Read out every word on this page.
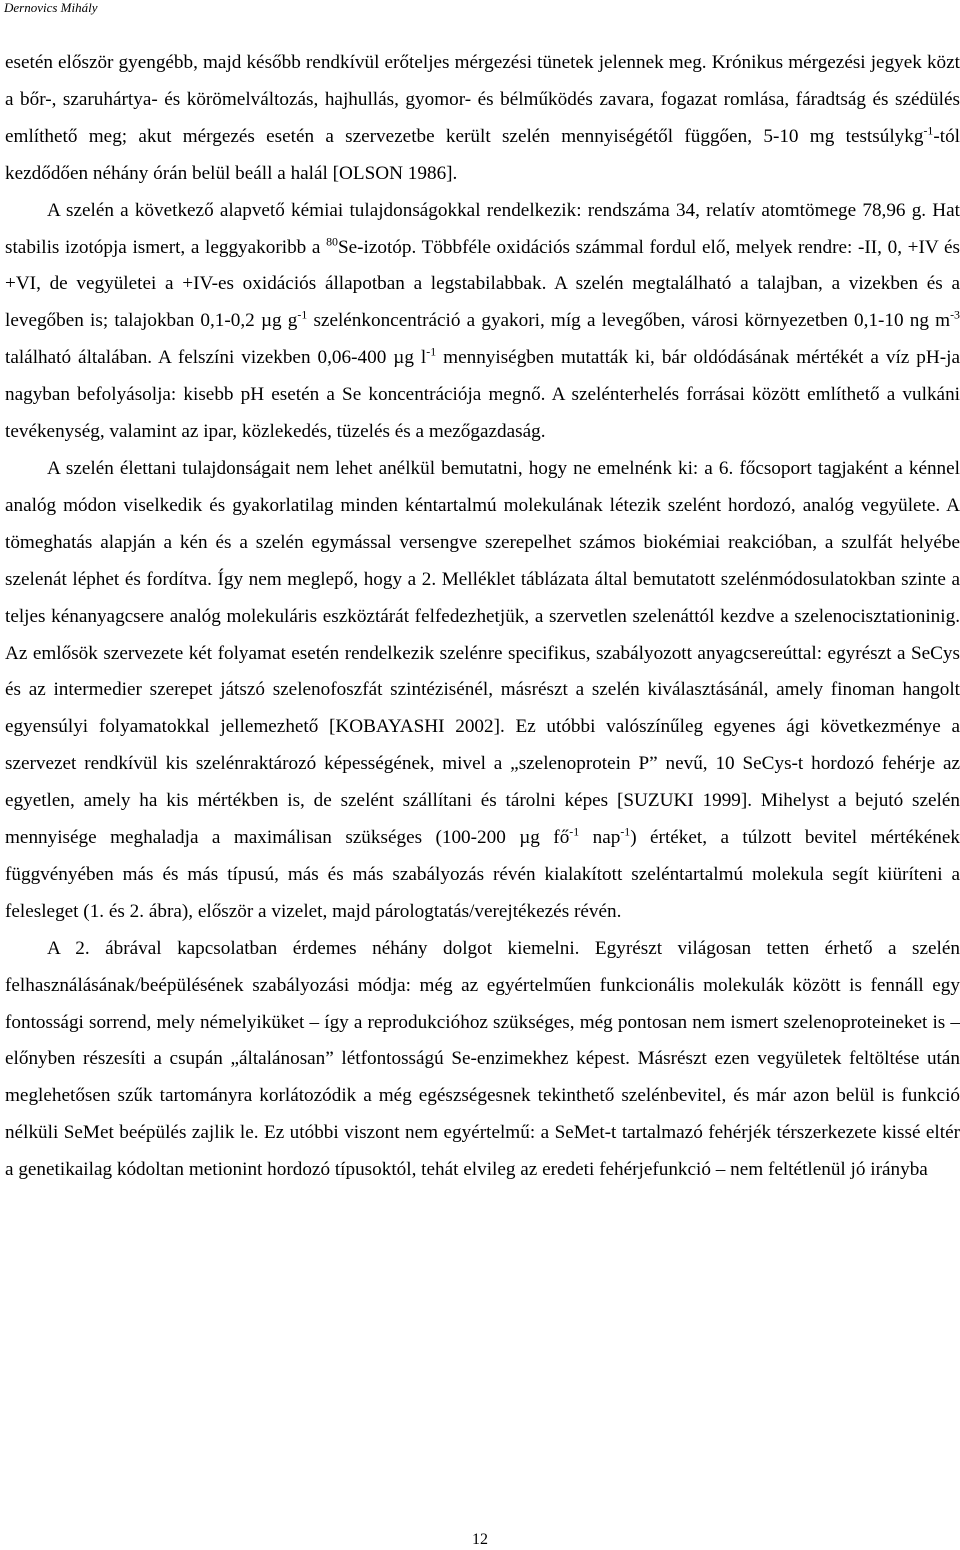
Dernovics Mihály

esetén először gyengébb, majd később rendkívül erőteljes mérgezési tünetek jelennek meg. Krónikus mérgezési jegyek közt a bőr-, szaruhártya- és körömelváltozás, hajhullás, gyomor- és bélműködés zavara, fogazat romlása, fáradtság és szédülés említhető meg; akut mérgezés esetén a szervezetbe került szelén mennyiségétől függően, 5-10 mg testsúlykg$^{-1}$-tól kezdődően néhány órán belül beáll a halál [OLSON 1986].

A szelén a következő alapvető kémiai tulajdonságokkal rendelkezik: rendszáma 34, relatív atomtömege 78,96 g. Hat stabilis izotópja ismert, a leggyakoribb a $^{80}$Se-izotóp. Többféle oxidációs számmal fordul elő, melyek rendre: -II, 0, +IV és +VI, de vegyületei a +IV-es oxidációs állapotban a legstabilabbak. A szelén megtalálható a talajban, a vizekben és a levegőben is; talajokban 0,1-0,2 µg $g^{-1}$ szelénkoncentráció a gyakori, míg a levegőben, városi környezetben 0,1-10 ng $m^{-3}$ található általában. A felszíni vizekben 0,06-400 µg $l^{-1}$ mennyiségben mutatták ki, bár oldódásának mértékét a víz pH-ja nagyban befolyásolja: kisebb pH esetén a Se koncentrációja megnő. A szelénterhelés forrásai között említhető a vulkáni tevékenység, valamint az ipar, közlekedés, tüzelés és a mezőgazdaság.

A szelén élettani tulajdonságait nem lehet anélkül bemutatni, hogy ne emelnénk ki: a 6. főcsoport tagjaként a kénnel analóg módon viselkedik és gyakorlatilag minden kéntartalmú molekulának létezik szelént hordozó, analóg vegyülete. A tömeghatás alapján a kén és a szelén egymással versengve szerepelhet számos biokémiai reakcióban, a szulfát helyébe szelenát léphet és fordítva. Így nem meglepő, hogy a 2. Melléklet táblázata által bemutatott szelénmódosulatokban szinte a teljes kénanyagcsere analóg molekuláris eszköztárát felfedezhetjük, a szervetlen szelenáttól kezdve a szelenocisztationinig. Az emlősök szervezete két folyamat esetén rendelkezik szelénre specifikus, szabályozott anyagcsereúttal: egyrészt a SeCys és az intermedier szerepet játszó szelenofoszfát szintézisénél, másrészt a szelén kiválasztásánál, amely finoman hangolt egyensúlyi folyamatokkal jellemezhető [KOBAYASHI 2002]. Ez utóbbi valószínűleg egyenes ági következménye a szervezet rendkívül kis szelénraktározó képességének, mivel a „szelenoprotein P” nevű, 10 SeCys-t hordozó fehérje az egyetlen, amely ha kis mértékben is, de szelént szállítani és tárolni képes [SUZUKI 1999]. Mihelyst a bejutó szelén mennyisége meghaladja a maximálisan szükséges (100-200 µg $fő^{-1}$ nap$^{-1}$) értéket, a túlzott bevitel mértékének függvényében más és más típusú, más és más szabályozás révén kialakított szeléntartalmú molekula segít kiüríteni a felesleget (1. és 2. ábra), először a vizelet, majd párologtatás/verejtékezés révén.

A 2. ábrával kapcsolatban érdemes néhány dolgot kiemelni. Egyrészt világosan tetten érhető a szelén felhasználásának/beépülésének szabályozási módja: még az egyértelműen funkcionális molekulák között is fennáll egy fontossági sorrend, mely némelyiküket – így a reprodukcióhoz szükséges, még pontosan nem ismert szelenoproteineket is – előnyben részesíti a csupán „általánosan” létfontosságú Se-enzimekhez képest. Másrészt ezen vegyületek feltöltése után meglehetősen szűk tartományra korlátozódik a még egészségesnek tekinthető szelénbevitel, és már azon belül is funkció nélküli SeMet beépülés zajlik le. Ez utóbbi viszont nem egyértelmű: a SeMet-t tartalmazó fehérjék térszerkezete kissé eltér a genetikailag kódoltan metionint hordozó típusoktól, tehát elvileg az eredeti fehérjefunkció – nem feltétlenül jó irányba

12
